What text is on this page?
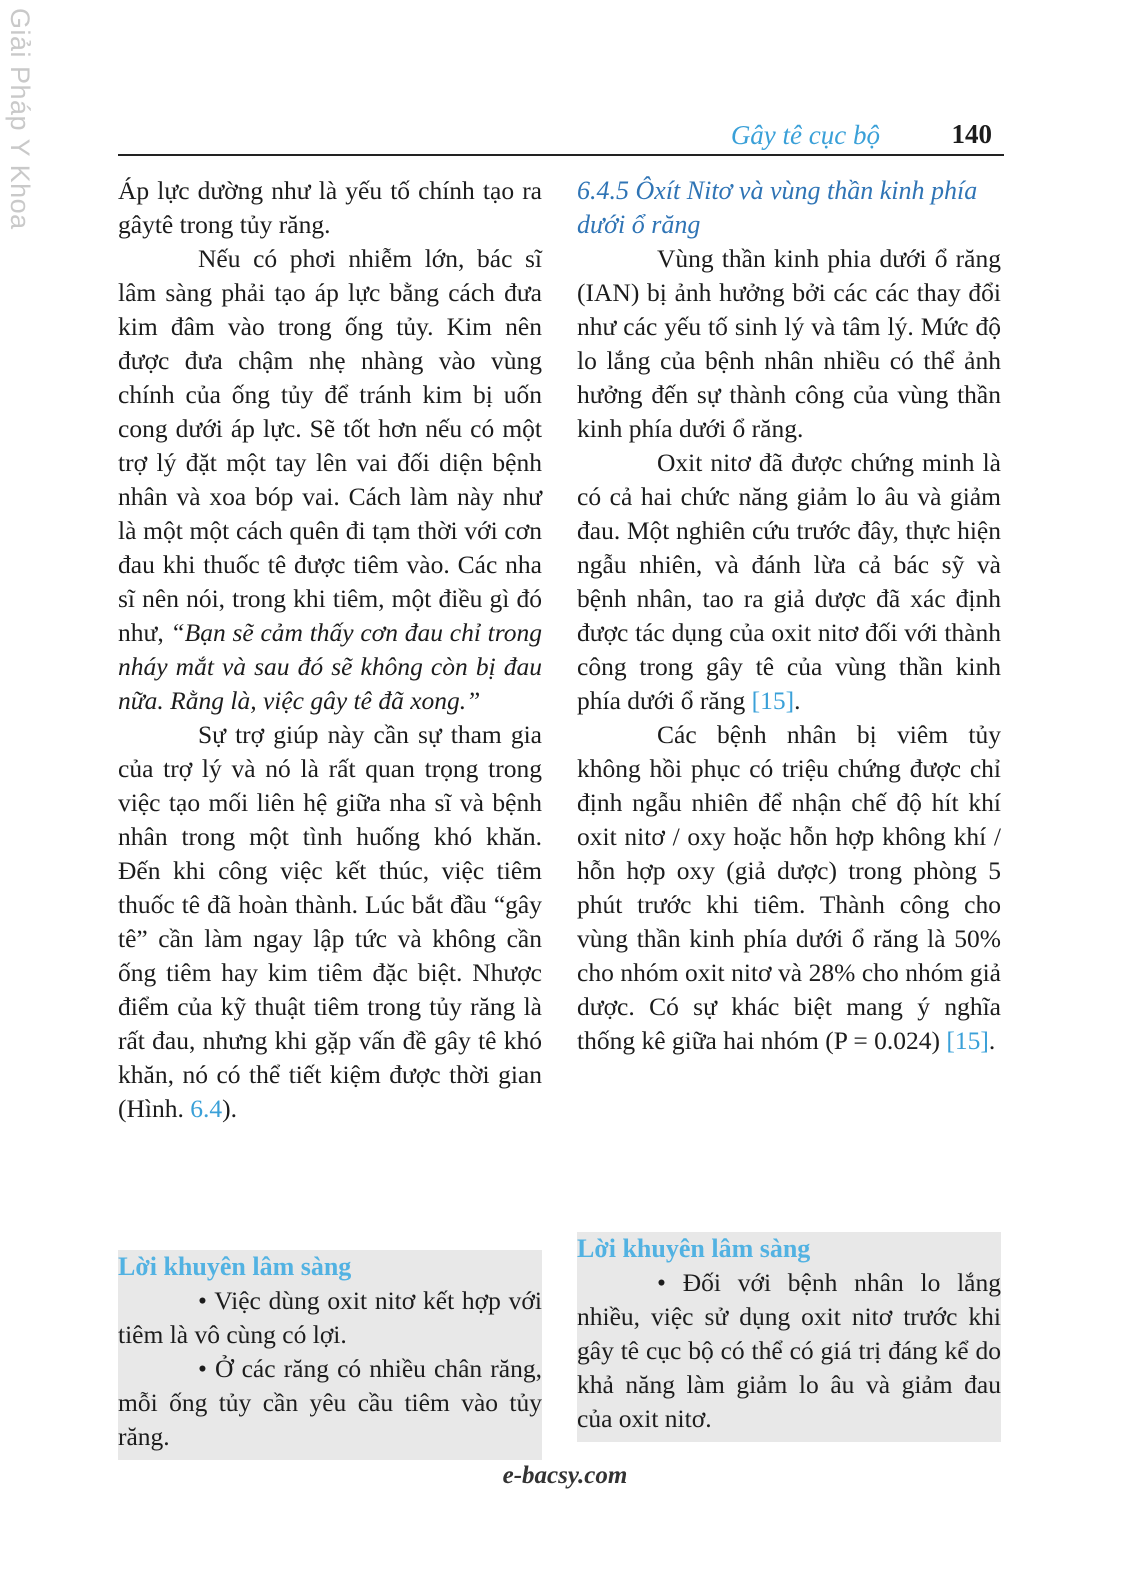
Giải Pháp Y Khoa	Gây tê cục bộ	140

Áp lực dường như là yếu tố chính tạo ra gâytê trong tủy răng.

Nếu có phơi nhiễm lớn, bác sĩ lâm sàng phải tạo áp lực bằng cách đưa kim đâm vào trong ống tủy. Kim nên được đưa chậm nhẹ nhàng vào vùng chính của ống tủy để tránh kim bị uốn cong dưới áp lực. Sẽ tốt hơn nếu có một trợ lý đặt một tay lên vai đối diện bệnh nhân và xoa bóp vai. Cách làm này như là một một cách quên đi tạm thời với cơn đau khi thuốc tê được tiêm vào. Các nha sĩ nên nói, trong khi tiêm, một điều gì đó như, “Bạn sẽ cảm thấy cơn đau chỉ trong nháy mắt và sau đó sẽ không còn bị đau nữa. Rằng là, việc gây tê đã xong.”

Sự trợ giúp này cần sự tham gia của trợ lý và nó là rất quan trọng trong việc tạo mối liên hệ giữa nha sĩ và bệnh nhân trong một tình huống khó khăn. Đến khi công việc kết thúc, việc tiêm thuốc tê đã hoàn thành. Lúc bắt đầu “gây tê” cần làm ngay lập tức và không cần ống tiêm hay kim tiêm đặc biệt. Nhược điểm của kỹ thuật tiêm trong tủy răng là rất đau, nhưng khi gặp vấn đề gây tê khó khăn, nó có thể tiết kiệm được thời gian (Hình. 6.4).

6.4.5 Ôxít Nitơ và vùng thần kinh phía dưới ổ răng

Vùng thần kinh phia dưới ổ răng (IAN) bị ảnh hưởng bởi các các thay đổi như các yếu tố sinh lý và tâm lý. Mức độ lo lắng của bệnh nhân nhiều có thể ảnh hưởng đến sự thành công của vùng thần kinh phía dưới ổ răng.

Oxit nitơ đã được chứng minh là có cả hai chức năng giảm lo âu và giảm đau. Một nghiên cứu trước đây, thực hiện ngẫu nhiên, và đánh lừa cả bác sỹ và bệnh nhân, tao ra giả dược đã xác định được tác dụng của oxit nitơ đối với thành công trong gây tê của vùng thần kinh phía dưới ổ răng [15].

Các bệnh nhân bị viêm tủy không hồi phục có triệu chứng được chỉ định ngẫu nhiên để nhận chế độ hít khí oxit nitơ / oxy hoặc hỗn hợp không khí / hỗn hợp oxy (giả dược) trong phòng 5 phút trước khi tiêm. Thành công cho vùng thần kinh phía dưới ổ răng là 50% cho nhóm oxit nitơ và 28% cho nhóm giả dược. Có sự khác biệt mang ý nghĩa thống kê giữa hai nhóm (P = 0.024) [15].

Lời khuyên lâm sàng

• Việc dùng oxit nitơ kết hợp với tiêm là vô cùng có lợi.

• Ở các răng có nhiều chân răng, mỗi ống tủy cần yêu cầu tiêm vào tủy răng.

Lời khuyên lâm sàng

• Đối với bệnh nhân lo lắng nhiều, việc sử dụng oxit nitơ trước khi gây tê cục bộ có thể có giá trị đáng kể do khả năng làm giảm lo âu và giảm đau của oxit nitơ.

e-bacsy.com
